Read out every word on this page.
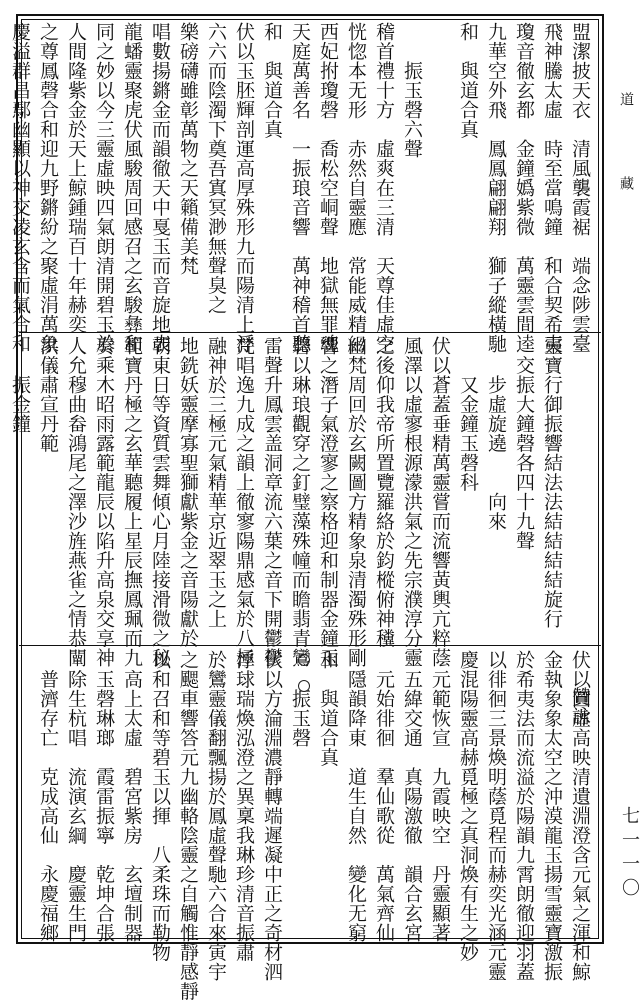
盟潔披天衣　清風襲霞裾　端念陟雲臺
飛神騰太虛　時至當鳴鐘　和合契希夷
瓊音徹玄都　金鐘嬀紫微　萬靈雲間逵
九華空外飛　鳳鳳翩翩翔　獅子縱橫馳
和　與道合真
　　振玉磬六聲
稽首禮十方　虛爽在三清　天尊佳虛空
恍惚本无形　赤然自靈應　常能威精𥾏
西妃拊瓊磬　喬松空峒聲　地獄無罪魂
天庭萬善名　一振琅音響　萬神稽首聽
和　與道合真
伏以玉胚輝剖運高厚殊形九而陽清上浮
六六而陰濁下奠吾寘冥渺無聲臭之
樂磅礴雖彰萬物之天籟備美梵
唱數揚鏘金而韻徹天中戛玉而音旋地表
龍蟠靈聚虎伏風駿周回感召之玄駿彝和
同之妙以今三靈虛映四氣朗清開碧玉於
人間隆紫金於天上鯨鍾瑞百十年赫奕
之尊鳳磬合和迎九野鏘紛之聚虛涓萬象
慶溢群昌鄢幽顯以神交凌玄含而氣合和
　　　　　　　　　　　　　　　　　　贊詠
靈寶行御振響結法法結結結結旋行
　交振大鐘磬各四十九聲
　　步虛旋遶　　向來
　　又金鐘玉磬科
伏以蒼蓋垂精萬靈嘗而流響黃輿亢粹蔭
風澤以虛寥根源濛洪氣之先宗濮淳分靈
之後仰我帝所置覽羅絡於鈞樅俯神䆏
幽梵周回於玄闕圖方精象泉清濁殊形剛
響之潛子氣澄寥之察格迎和制器金鐘玉
磬以琳琅觀穿之釘璧藻殊幢而瞻翡青鸞
雷聲升鳳雲盖洞章流六葉之音下開鬱鬱
梵唱逸九成之韻上徹寥陽鼎感氣於八極
融神於三極元氣精華京近翠玉之上
地銑妖靈摩寡聖獅獻紫金之音陽獻於
朝東日等資質雲舞傾心月陸接滑微之秘
範寶丹極之玄華聽履上星辰撫鳳珮而九
奏乘木昭雨露範龍辰以陷升高泉交享神
人允穆曲畚鴻尾之澤沙旌燕雀之情恭闡
洪儀肅宣丹範
　　振金鐘
伏以圓虛高映清遺淵澄含元氣之渾和鯨
金執象象太空之沖漠龍玉揚雪靈寶激振
於希夷法而流溢於陽韻九霄朗徹迎羽蓋
以徘徊三景煥明蔭覓程而赫奕光涵元靈
慶混陽靈高赫覓極之真洞煥有生之妙
　元範恢宣　九霞映空　丹靈顯著
　五緯交通　真陽激徹　韻合玄宮
　元始徘徊　羣仙歌從　萬氣齊仙
　隱韻降東　道生自然　變化无窮
和　與道合真
　　振玉磬
伏以方淪淵濃靜轉端遲凝中正之奇材泗
浮球瑞煥泓澄之異稟我琳珍清音振肅
於鸞靈儀翻飄揚於鳳虛聲馳六合來寅宇
之颸車響答元九幽輅陰靈之自觸惟靜感靜
以和召和等碧玉以揮　八柔珠而勒物
　高上太虛　碧宮紫房　玄壇制器
　玉磬琳瑯　霞雷振寧　乾坤合張
　除生杭唱　流演玄綱　慶靈生門
　普濟存亡　克成高仙　永慶福鄉
道　藏
七一一〇
